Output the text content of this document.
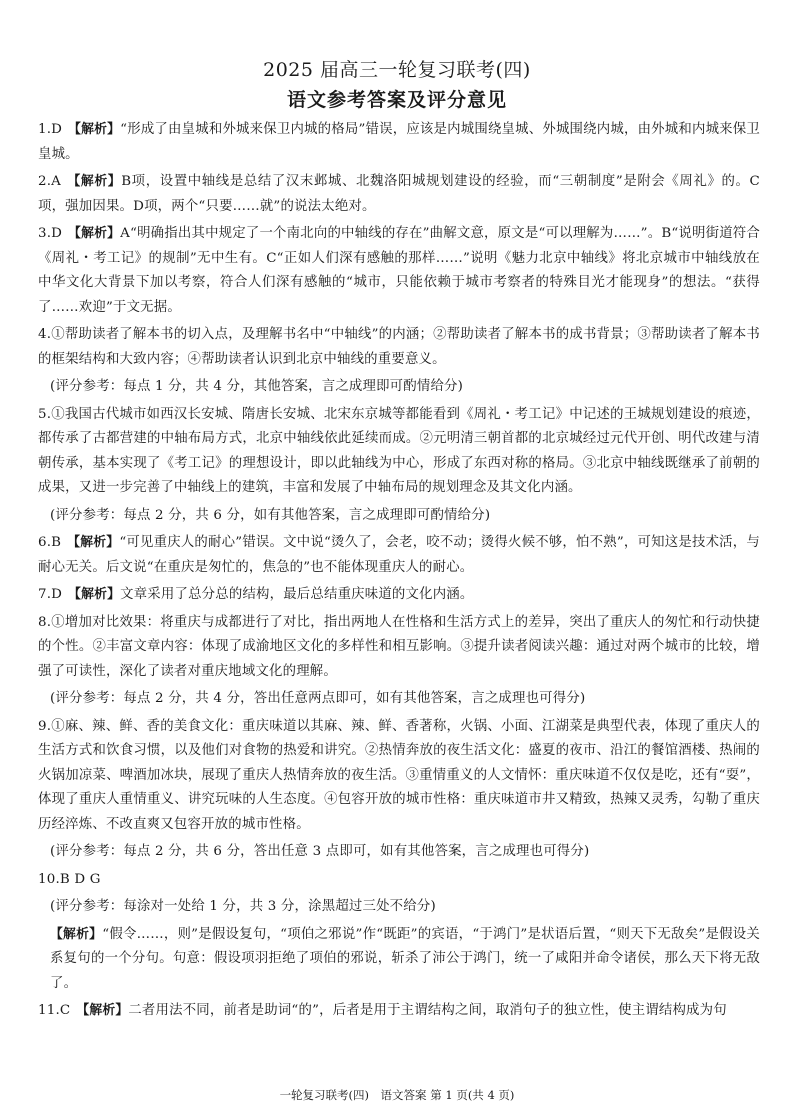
2025 届高三一轮复习联考(四)
语文参考答案及评分意见

1.D 【解析】“形成了由皇城和外城来保卫内城的格局”错误，应该是内城围绕皇城、外城围绕内城，由外城和内城来保卫皇城。

2.A 【解析】B项，设置中轴线是总结了汉末邺城、北魏洛阳城规划建设的经验，而“三朝制度”是附会《周礼》的。C项，强加因果。D项，两个“只要……就”的说法太绝对。

3.D 【解析】A“明确指出其中规定了一个南北向的中轴线的存在”曲解文意，原文是“可以理解为……”。B“说明街道符合《周礼・考工记》的规制”无中生有。C“正如人们深有感触的那样……”说明《魅力北京中轴线》将北京城市中轴线放在中华文化大背景下加以考察，符合人们深有感触的“城市，只能依赖于城市考察者的特殊目光才能现身”的想法。“获得了……欢迎”于文无据。

4.①帮助读者了解本书的切入点，及理解书名中“中轴线”的内涵；②帮助读者了解本书的成书背景；③帮助读者了解本书的框架结构和大致内容；④帮助读者认识到北京中轴线的重要意义。

(评分参考：每点 1 分，共 4 分，其他答案，言之成理即可酌情给分)

5.①我国古代城市如西汉长安城、隋唐长安城、北宋东京城等都能看到《周礼・考工记》中记述的王城规划建设的痕迹，都传承了古都营建的中轴布局方式，北京中轴线依此延续而成。②元明清三朝首都的北京城经过元代开创、明代改建与清朝传承，基本实现了《考工记》的理想设计，即以此轴线为中心，形成了东西对称的格局。③北京中轴线既继承了前朝的成果，又进一步完善了中轴线上的建筑，丰富和发展了中轴布局的规划理念及其文化内涵。

(评分参考：每点 2 分，共 6 分，如有其他答案，言之成理即可酌情给分)

6.B 【解析】“可见重庆人的耐心”错误。文中说“烫久了，会老，咬不动；烫得火候不够，怕不熟”，可知这是技术活，与耐心无关。后文说“在重庆是匆忙的，焦急的”也不能体现重庆人的耐心。

7.D 【解析】文章采用了总分总的结构，最后总结重庆味道的文化内涵。

8.①增加对比效果：将重庆与成都进行了对比，指出两地人在性格和生活方式上的差异，突出了重庆人的匆忙和行动快捷的个性。②丰富文章内容：体现了成渝地区文化的多样性和相互影响。③提升读者阅读兴趣：通过对两个城市的比较，增强了可读性，深化了读者对重庆地域文化的理解。

(评分参考：每点 2 分，共 4 分，答出任意两点即可，如有其他答案，言之成理也可得分)

9.①麻、辣、鲜、香的美食文化：重庆味道以其麻、辣、鲜、香著称，火锅、小面、江湖菜是典型代表，体现了重庆人的生活方式和饮食习惯，以及他们对食物的热爱和讲究。②热情奔放的夜生活文化：盛夏的夜市、沿江的餐馆酒楼、热闹的火锅加凉菜、啤酒加冰块，展现了重庆人热情奔放的夜生活。③重情重义的人文情怀：重庆味道不仅仅是吃，还有“耍”，体现了重庆人重情重义、讲究玩味的人生态度。④包容开放的城市性格：重庆味道市井又精致，热辣又灵秀，勾勒了重庆历经淬炼、不改直爽又包容开放的城市性格。

(评分参考：每点 2 分，共 6 分，答出任意 3 点即可，如有其他答案，言之成理也可得分)

10.B D G

(评分参考：每涂对一处给 1 分，共 3 分，涂黑超过三处不给分)

【解析】“假令……，则”是假设复句，“项伯之邪说”作“既距”的宾语，“于鸿门”是状语后置，“则天下无敌矣”是假设关系复句的一个分句。句意：假设项羽拒绝了项伯的邪说，斩杀了沛公于鸿门，统一了咸阳并命令诸侯，那么天下将无敌了。

11.C 【解析】二者用法不同，前者是助词“的”，后者是用于主谓结构之间，取消句子的独立性，使主谓结构成为句

一轮复习联考(四)　语文答案 第 1 页(共 4 页)
